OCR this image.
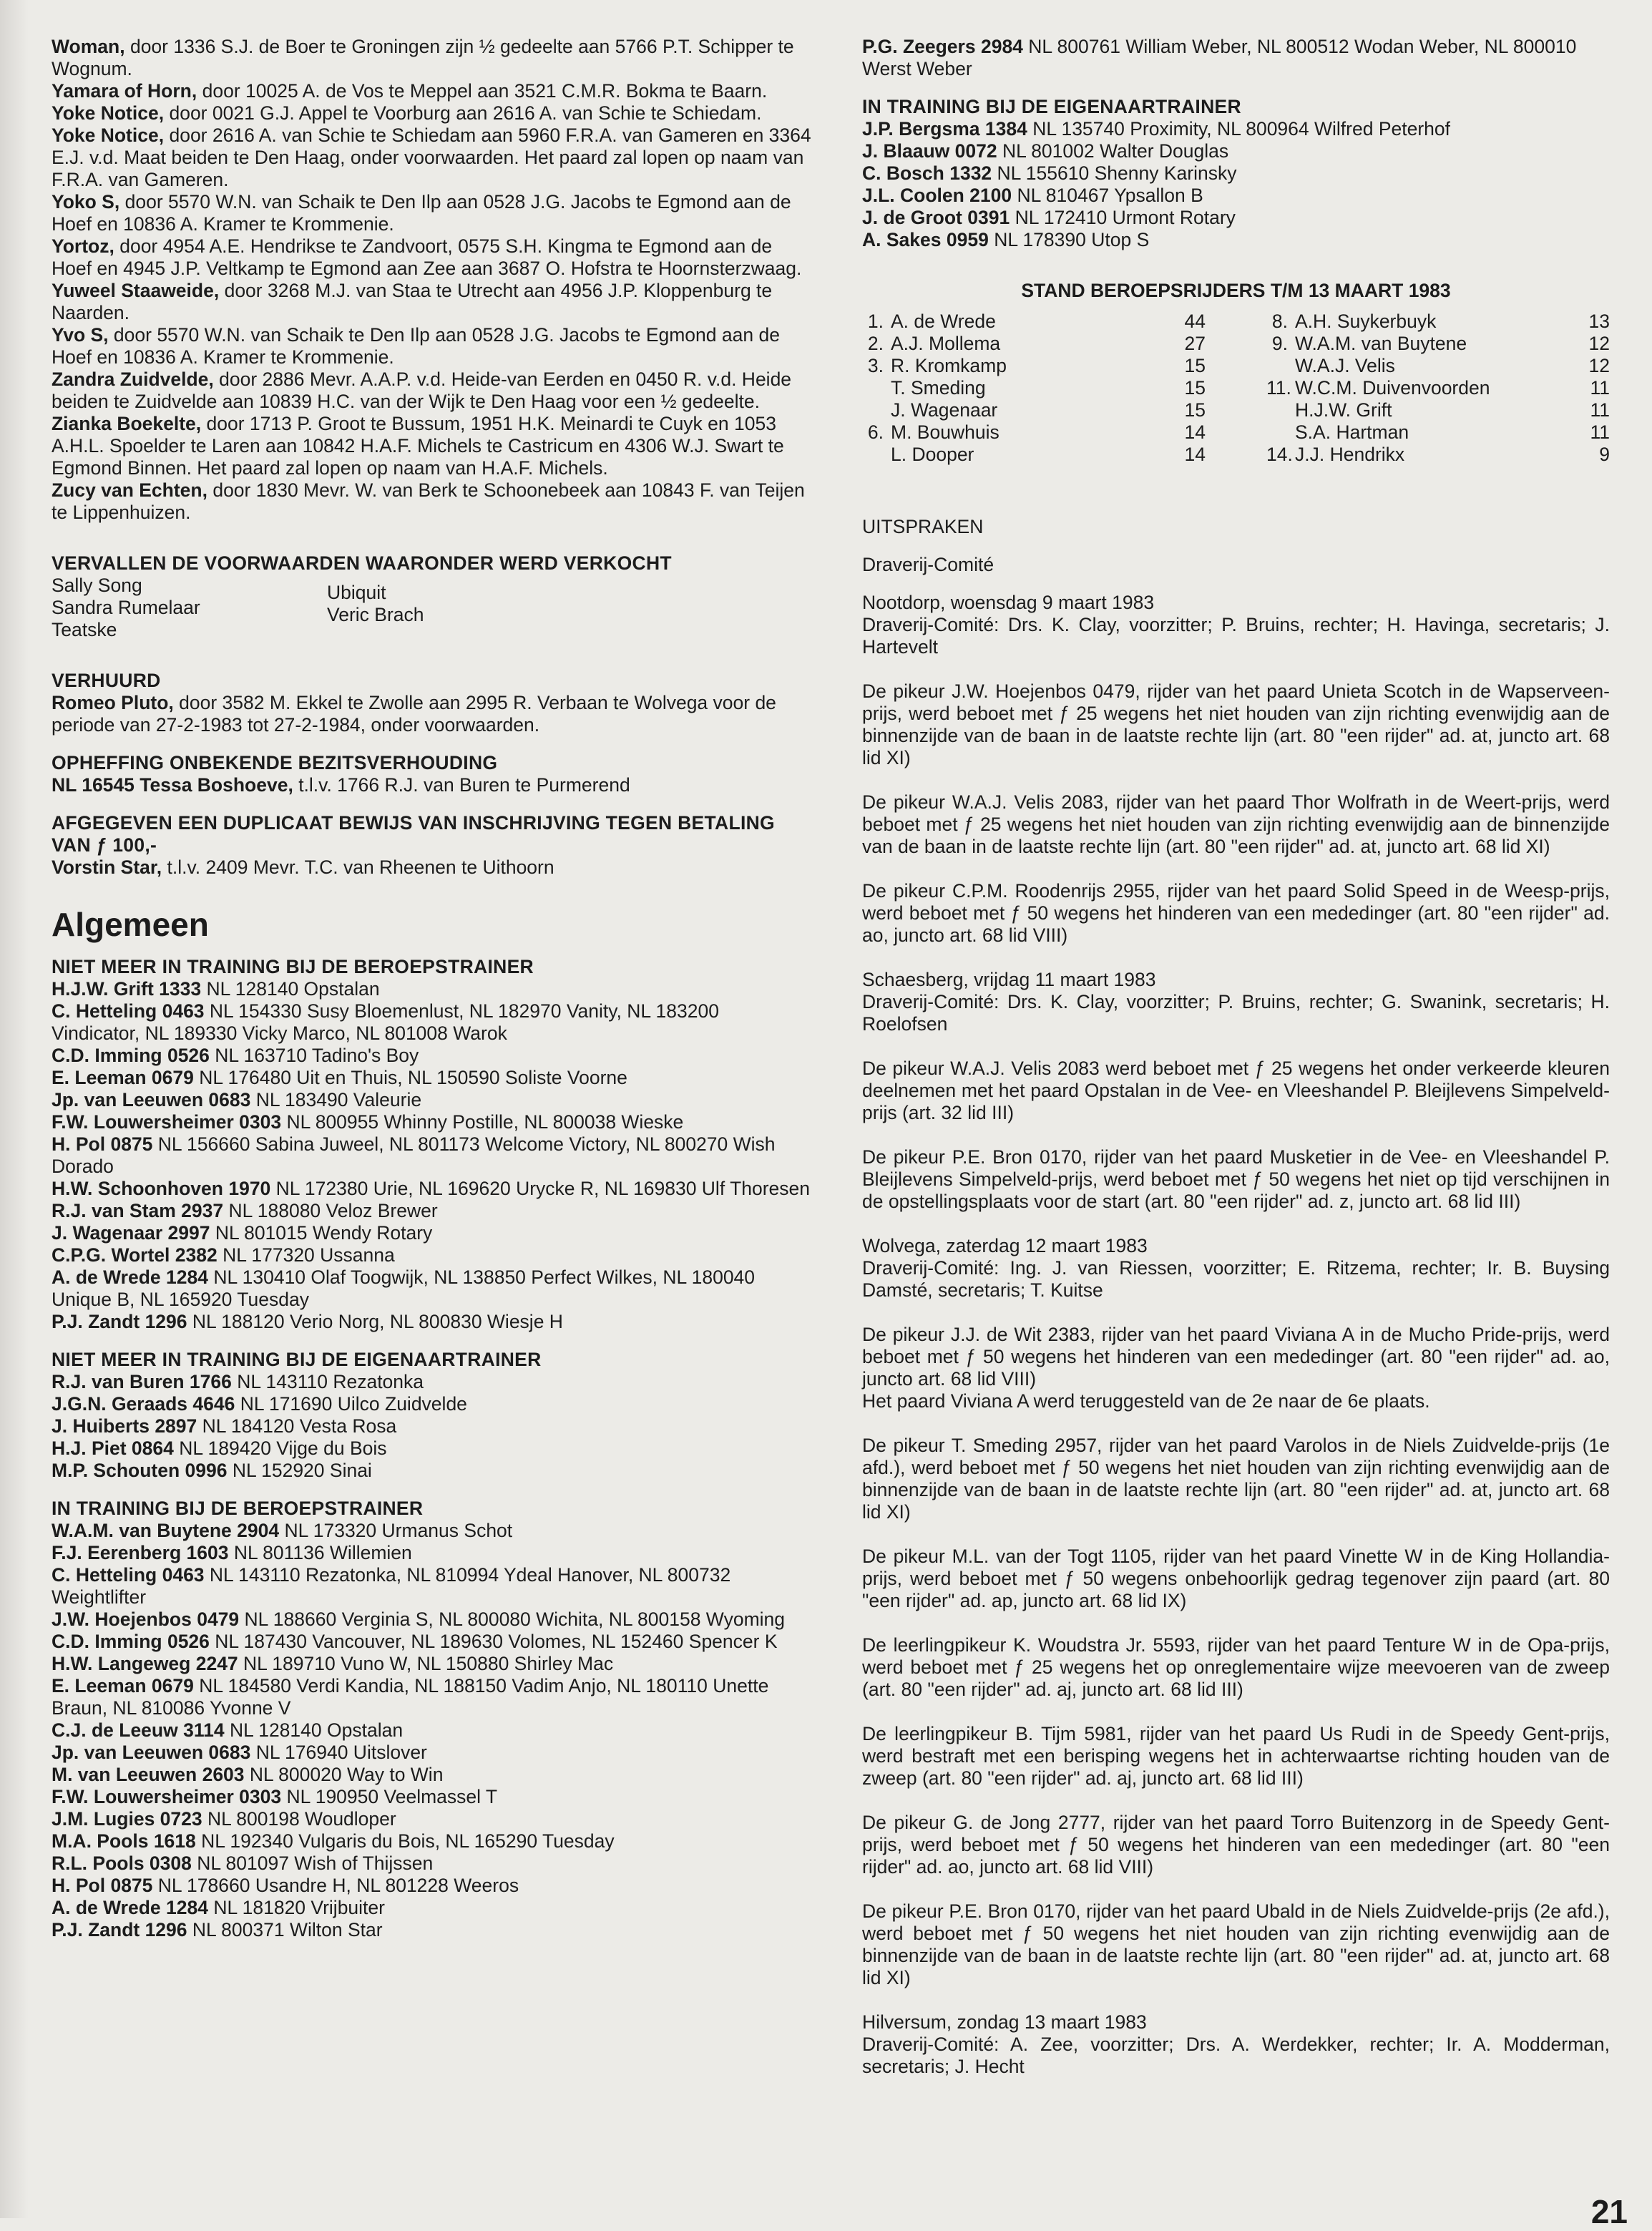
Woman, door 1336 S.J. de Boer te Groningen zijn ½ gedeelte aan 5766 P.T. Schipper te Wognum.

Yamara of Horn, door 10025 A. de Vos te Meppel aan 3521 C.M.R. Bokma te Baarn.

Yoke Notice, door 0021 G.J. Appel te Voorburg aan 2616 A. van Schie te Schiedam.

Yoke Notice, door 2616 A. van Schie te Schiedam aan 5960 F.R.A. van Gameren en 3364 E.J. v.d. Maat beiden te Den Haag, onder voorwaarden. Het paard zal lopen op naam van F.R.A. van Gameren.

Yoko S, door 5570 W.N. van Schaik te Den Ilp aan 0528 J.G. Jacobs te Egmond aan de Hoef en 10836 A. Kramer te Krommenie.

Yortoz, door 4954 A.E. Hendrikse te Zandvoort, 0575 S.H. Kingma te Egmond aan de Hoef en 4945 J.P. Veltkamp te Egmond aan Zee aan 3687 O. Hofstra te Hoornsterzwaag.

Yuweel Staaweide, door 3268 M.J. van Staa te Utrecht aan 4956 J.P. Kloppenburg te Naarden.

Yvo S, door 5570 W.N. van Schaik te Den Ilp aan 0528 J.G. Jacobs te Egmond aan de Hoef en 10836 A. Kramer te Krommenie.

Zandra Zuidvelde, door 2886 Mevr. A.A.P. v.d. Heide-van Eerden en 0450 R. v.d. Heide beiden te Zuidvelde aan 10839 H.C. van der Wijk te Den Haag voor een ½ gedeelte.

Zianka Boekelte, door 1713 P. Groot te Bussum, 1951 H.K. Meinardi te Cuyk en 1053 A.H.L. Spoelder te Laren aan 10842 H.A.F. Michels te Castricum en 4306 W.J. Swart te Egmond Binnen. Het paard zal lopen op naam van H.A.F. Michels.

Zucy van Echten, door 1830 Mevr. W. van Berk te Schoonebeek aan 10843 F. van Teijen te Lippenhuizen.

VERVALLEN DE VOORWAARDEN WAARONDER WERD VERKOCHT

Sally Song
Sandra Rumelaar
Teatske
Ubiquit
Veric Brach

VERHUURD

Romeo Pluto, door 3582 M. Ekkel te Zwolle aan 2995 R. Verbaan te Wolvega voor de periode van 27-2-1983 tot 27-2-1984, onder voorwaarden.

OPHEFFING ONBEKENDE BEZITSVERHOUDING

NL 16545 Tessa Boshoeve, t.l.v. 1766 R.J. van Buren te Purmerend

AFGEGEVEN EEN DUPLICAAT BEWIJS VAN INSCHRIJVING TEGEN BETALING VAN ƒ 100,-

Vorstin Star, t.l.v. 2409 Mevr. T.C. van Rheenen te Uithoorn

Algemeen

NIET MEER IN TRAINING BIJ DE BEROEPSTRAINER

H.J.W. Grift 1333 NL 128140 Opstalan

C. Hetteling 0463 NL 154330 Susy Bloemenlust, NL 182970 Vanity, NL 183200 Vindicator, NL 189330 Vicky Marco, NL 801008 Warok

C.D. Imming 0526 NL 163710 Tadino's Boy

E. Leeman 0679 NL 176480 Uit en Thuis, NL 150590 Soliste Voorne

Jp. van Leeuwen 0683 NL 183490 Valeurie

F.W. Louwersheimer 0303 NL 800955 Whinny Postille, NL 800038 Wieske

H. Pol 0875 NL 156660 Sabina Juweel, NL 801173 Welcome Victory, NL 800270 Wish Dorado

H.W. Schoonhoven 1970 NL 172380 Urie, NL 169620 Urycke R, NL 169830 Ulf Thoresen

R.J. van Stam 2937 NL 188080 Veloz Brewer

J. Wagenaar 2997 NL 801015 Wendy Rotary

C.P.G. Wortel 2382 NL 177320 Ussanna

A. de Wrede 1284 NL 130410 Olaf Toogwijk, NL 138850 Perfect Wilkes, NL 180040 Unique B, NL 165920 Tuesday

P.J. Zandt 1296 NL 188120 Verio Norg, NL 800830 Wiesje H

NIET MEER IN TRAINING BIJ DE EIGENAARTRAINER

R.J. van Buren 1766 NL 143110 Rezatonka

J.G.N. Geraads 4646 NL 171690 Uilco Zuidvelde

J. Huiberts 2897 NL 184120 Vesta Rosa

H.J. Piet 0864 NL 189420 Vijge du Bois

M.P. Schouten 0996 NL 152920 Sinai

IN TRAINING BIJ DE BEROEPSTRAINER

W.A.M. van Buytene 2904 NL 173320 Urmanus Schot

F.J. Eerenberg 1603 NL 801136 Willemien

C. Hetteling 0463 NL 143110 Rezatonka, NL 810994 Ydeal Hanover, NL 800732 Weightlifter

J.W. Hoejenbos 0479 NL 188660 Verginia S, NL 800080 Wichita, NL 800158 Wyoming

C.D. Imming 0526 NL 187430 Vancouver, NL 189630 Volomes, NL 152460 Spencer K

H.W. Langeweg 2247 NL 189710 Vuno W, NL 150880 Shirley Mac

E. Leeman 0679 NL 184580 Verdi Kandia, NL 188150 Vadim Anjo, NL 180110 Unette Braun, NL 810086 Yvonne V

C.J. de Leeuw 3114 NL 128140 Opstalan

Jp. van Leeuwen 0683 NL 176940 Uitslover

M. van Leeuwen 2603 NL 800020 Way to Win

F.W. Louwersheimer 0303 NL 190950 Veelmassel T

J.M. Lugies 0723 NL 800198 Woudloper

M.A. Pools 1618 NL 192340 Vulgaris du Bois, NL 165290 Tuesday

R.L. Pools 0308 NL 801097 Wish of Thijssen

H. Pol 0875 NL 178660 Usandre H, NL 801228 Weeros

A. de Wrede 1284 NL 181820 Vrijbuiter

P.J. Zandt 1296 NL 800371 Wilton Star

P.G. Zeegers 2984 NL 800761 William Weber, NL 800512 Wodan Weber, NL 800010 Werst Weber

IN TRAINING BIJ DE EIGENAARTRAINER

J.P. Bergsma 1384 NL 135740 Proximity, NL 800964 Wilfred Peterhof

J. Blaauw 0072 NL 801002 Walter Douglas

C. Bosch 1332 NL 155610 Shenny Karinsky

J.L. Coolen 2100 NL 810467 Ypsallon B

J. de Groot 0391 NL 172410 Urmont Rotary

A. Sakes 0959 NL 178390 Utop S

STAND BEROEPSRIJDERS T/M 13 MAART 1983

1. A. de Wrede	44
2. A.J. Mollema	27
3. R. Kromkamp	15
T. Smeding	15
J. Wagenaar	15
6. M. Bouwhuis	14
L. Dooper	14
8. A.H. Suykerbuyk	13
9. W.A.M. van Buytene	12
W.A.J. Velis	12
11. W.C.M. Duivenvoorden	11
H.J.W. Grift	11
S.A. Hartman	11
14. J.J. Hendrikx	9

UITSPRAKEN

Draverij-Comité

Nootdorp, woensdag 9 maart 1983
Draverij-Comité: Drs. K. Clay, voorzitter; P. Bruins, rechter; H. Havinga, secretaris; J. Hartevelt

De pikeur J.W. Hoejenbos 0479, rijder van het paard Unieta Scotch in de Wapserveen-prijs, werd beboet met ƒ 25 wegens het niet houden van zijn richting evenwijdig aan de binnenzijde van de baan in de laatste rechte lijn (art. 80 "een rijder" ad. at, juncto art. 68 lid XI)

De pikeur W.A.J. Velis 2083, rijder van het paard Thor Wolfrath in de Weert-prijs, werd beboet met ƒ 25 wegens het niet houden van zijn richting evenwijdig aan de binnenzijde van de baan in de laatste rechte lijn (art. 80 "een rijder" ad. at, juncto art. 68 lid XI)

De pikeur C.P.M. Roodenrijs 2955, rijder van het paard Solid Speed in de Weesp-prijs, werd beboet met ƒ 50 wegens het hinderen van een mededinger (art. 80 "een rijder" ad. ao, juncto art. 68 lid VIII)

Schaesberg, vrijdag 11 maart 1983
Draverij-Comité: Drs. K. Clay, voorzitter; P. Bruins, rechter; G. Swanink, secretaris; H. Roelofsen

De pikeur W.A.J. Velis 2083 werd beboet met ƒ 25 wegens het onder verkeerde kleuren deelnemen met het paard Opstalan in de Vee- en Vleeshandel P. Bleijlevens Simpelveld-prijs (art. 32 lid III)

De pikeur P.E. Bron 0170, rijder van het paard Musketier in de Vee- en Vleeshandel P. Bleijlevens Simpelveld-prijs, werd beboet met ƒ 50 wegens het niet op tijd verschijnen in de opstellingsplaats voor de start (art. 80 "een rijder" ad. z, juncto art. 68 lid III)

Wolvega, zaterdag 12 maart 1983
Draverij-Comité: Ing. J. van Riessen, voorzitter; E. Ritzema, rechter; Ir. B. Buysing Damsté, secretaris; T. Kuitse

De pikeur J.J. de Wit 2383, rijder van het paard Viviana A in de Mucho Pride-prijs, werd beboet met ƒ 50 wegens het hinderen van een mededinger (art. 80 "een rijder" ad. ao, juncto art. 68 lid VIII)
Het paard Viviana A werd teruggesteld van de 2e naar de 6e plaats.

De pikeur T. Smeding 2957, rijder van het paard Varolos in de Niels Zuidvelde-prijs (1e afd.), werd beboet met ƒ 50 wegens het niet houden van zijn richting evenwijdig aan de binnenzijde van de baan in de laatste rechte lijn (art. 80 "een rijder" ad. at, juncto art. 68 lid XI)

De pikeur M.L. van der Togt 1105, rijder van het paard Vinette W in de King Hollandia-prijs, werd beboet met ƒ 50 wegens onbehoorlijk gedrag tegenover zijn paard (art. 80 "een rijder" ad. ap, juncto art. 68 lid IX)

De leerlingpikeur K. Woudstra Jr. 5593, rijder van het paard Tenture W in de Opa-prijs, werd beboet met ƒ 25 wegens het op onreglementaire wijze meevoeren van de zweep (art. 80 "een rijder" ad. aj, juncto art. 68 lid III)

De leerlingpikeur B. Tijm 5981, rijder van het paard Us Rudi in de Speedy Gent-prijs, werd bestraft met een berisping wegens het in achterwaartse richting houden van de zweep (art. 80 "een rijder" ad. aj, juncto art. 68 lid III)

De pikeur G. de Jong 2777, rijder van het paard Torro Buitenzorg in de Speedy Gent-prijs, werd beboet met ƒ 50 wegens het hinderen van een mededinger (art. 80 "een rijder" ad. ao, juncto art. 68 lid VIII)

De pikeur P.E. Bron 0170, rijder van het paard Ubald in de Niels Zuidvelde-prijs (2e afd.), werd beboet met ƒ 50 wegens het niet houden van zijn richting evenwijdig aan de binnenzijde van de baan in de laatste rechte lijn (art. 80 "een rijder" ad. at, juncto art. 68 lid XI)

Hilversum, zondag 13 maart 1983
Draverij-Comité: A. Zee, voorzitter; Drs. A. Werdekker, rechter; Ir. A. Modderman, secretaris; J. Hecht

21
